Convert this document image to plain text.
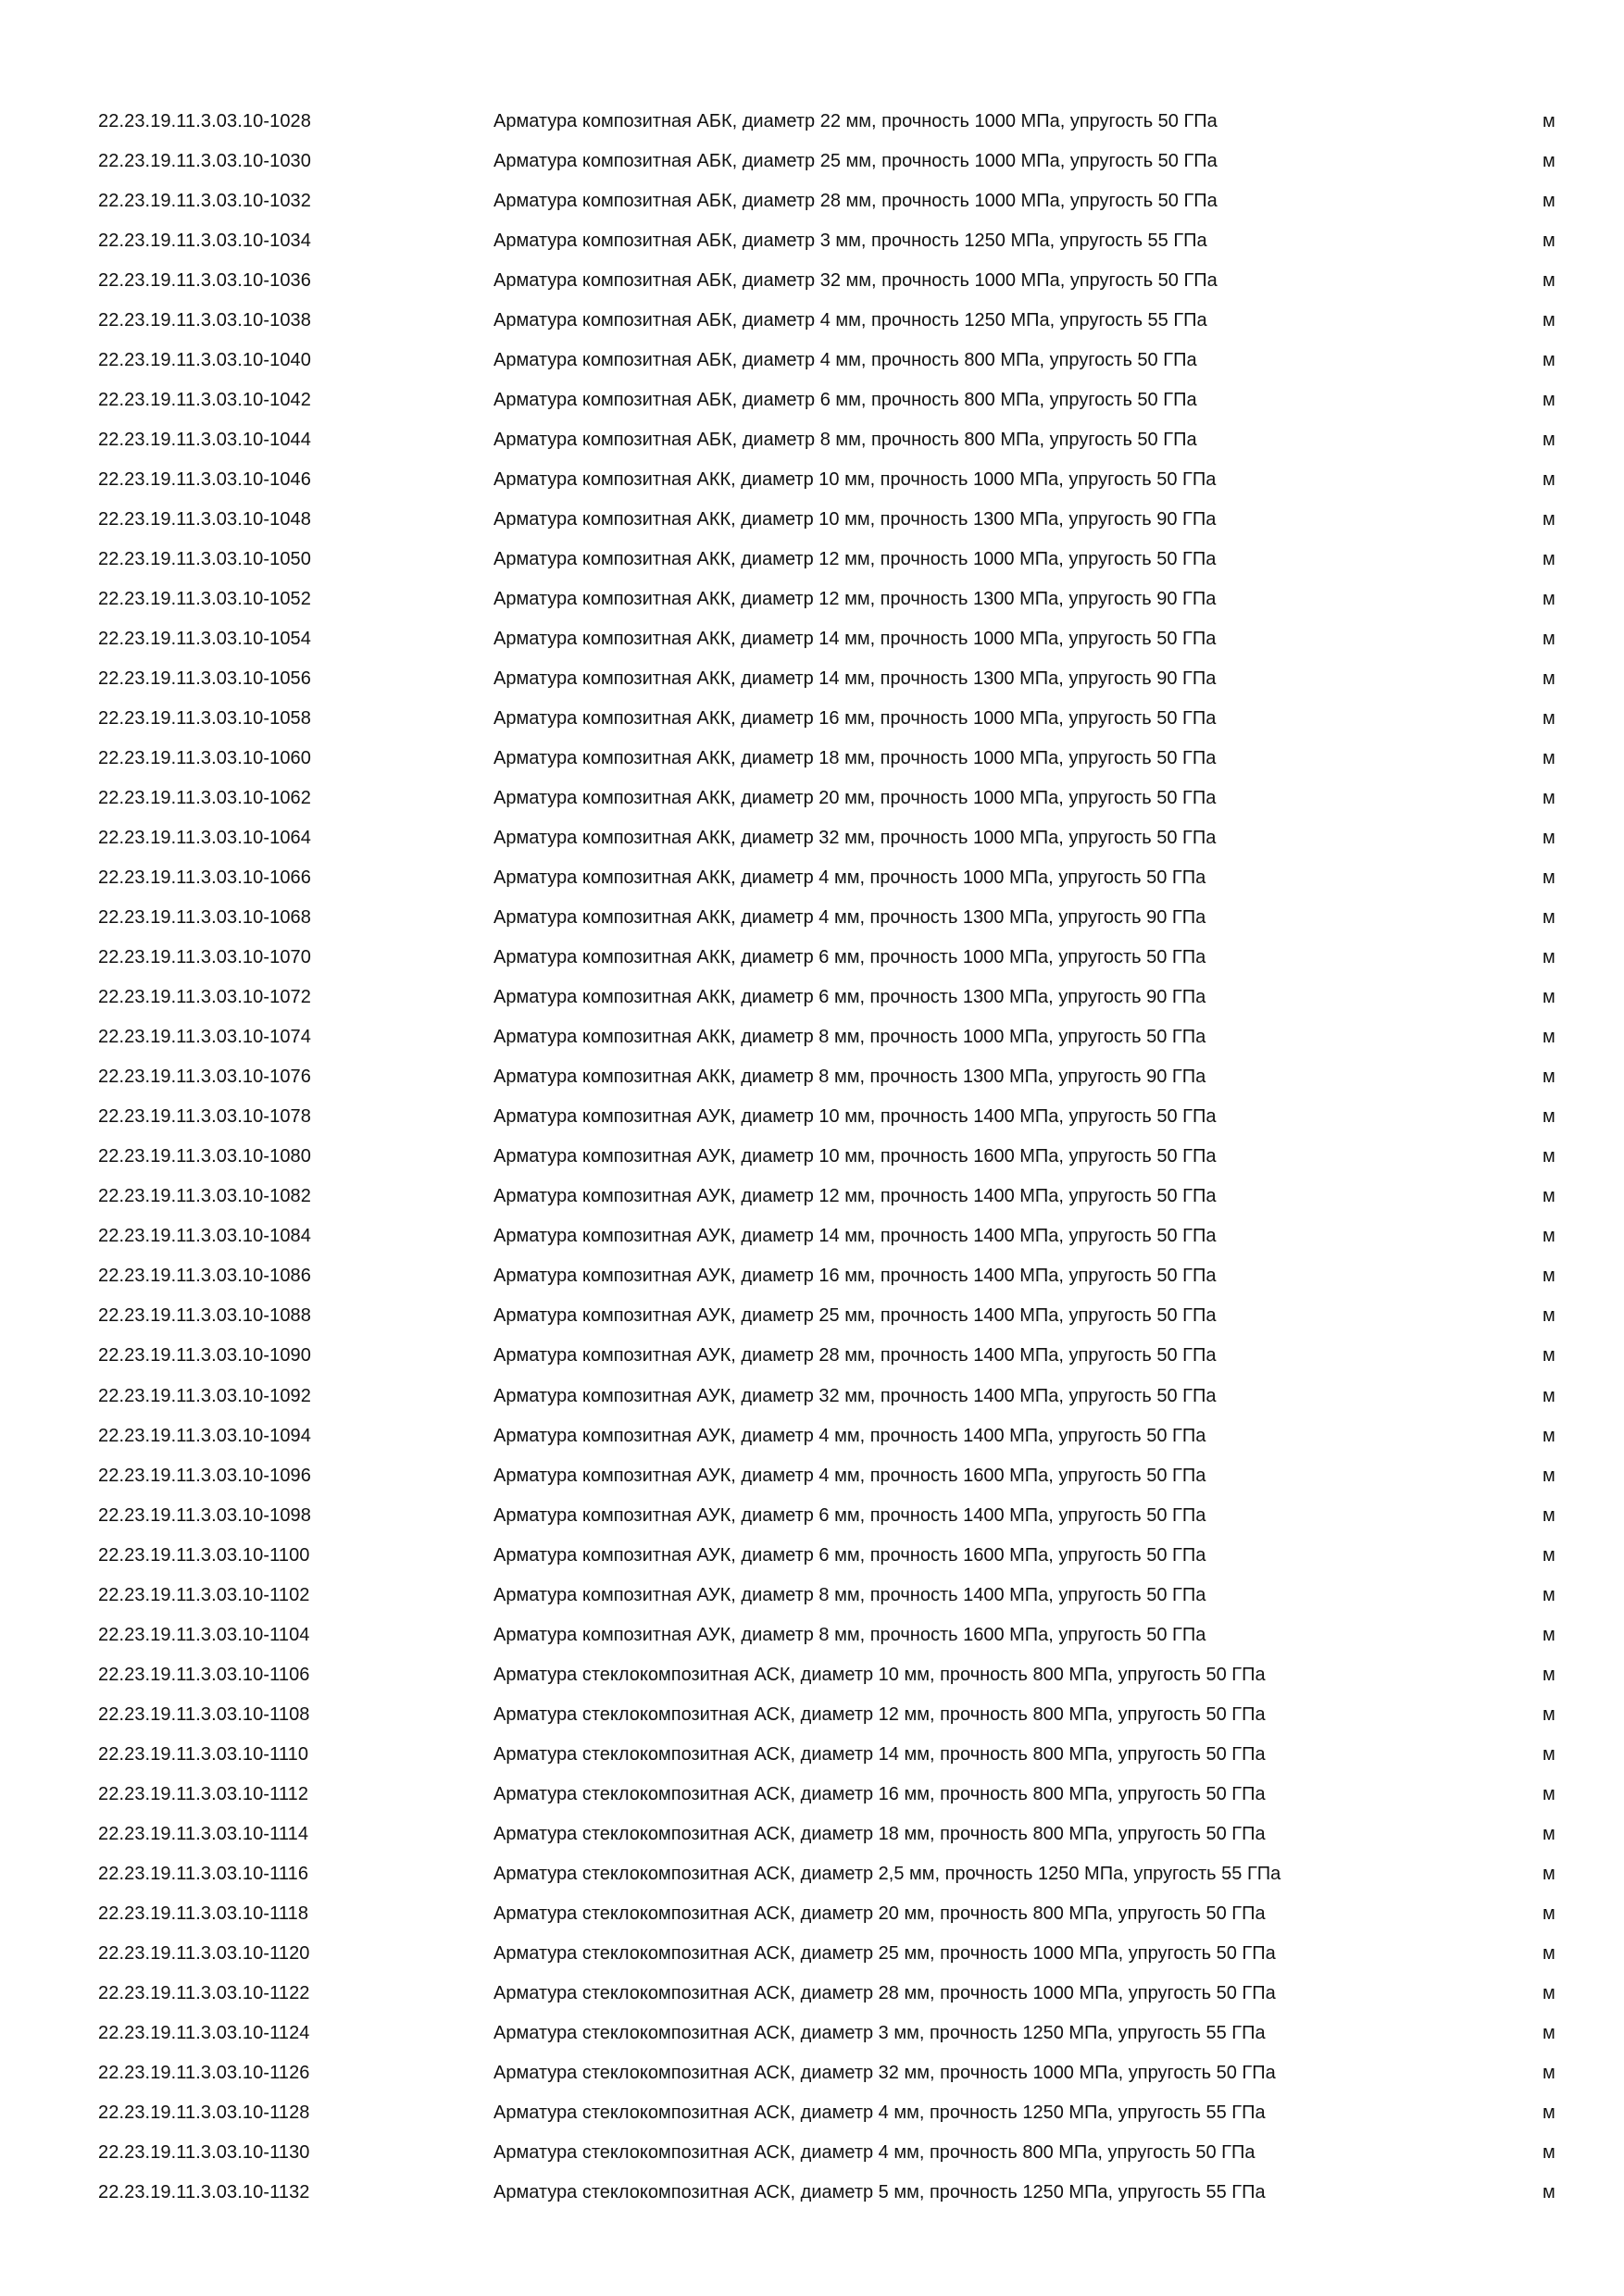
22.23.19.11.3.03.10-1028	Арматура композитная АБК, диаметр 22 мм, прочность 1000 МПа, упругость 50 ГПа	м
22.23.19.11.3.03.10-1030	Арматура композитная АБК, диаметр 25 мм, прочность 1000 МПа, упругость 50 ГПа	м
22.23.19.11.3.03.10-1032	Арматура композитная АБК, диаметр 28 мм, прочность 1000 МПа, упругость 50 ГПа	м
22.23.19.11.3.03.10-1034	Арматура композитная АБК, диаметр 3 мм, прочность 1250 МПа, упругость 55 ГПа	м
22.23.19.11.3.03.10-1036	Арматура композитная АБК, диаметр 32 мм, прочность 1000 МПа, упругость 50 ГПа	м
22.23.19.11.3.03.10-1038	Арматура композитная АБК, диаметр 4 мм, прочность 1250 МПа, упругость 55 ГПа	м
22.23.19.11.3.03.10-1040	Арматура композитная АБК, диаметр 4 мм, прочность 800 МПа, упругость 50 ГПа	м
22.23.19.11.3.03.10-1042	Арматура композитная АБК, диаметр 6 мм, прочность 800 МПа, упругость 50 ГПа	м
22.23.19.11.3.03.10-1044	Арматура композитная АБК, диаметр 8 мм, прочность 800 МПа, упругость 50 ГПа	м
22.23.19.11.3.03.10-1046	Арматура композитная АКК, диаметр 10 мм, прочность 1000 МПа, упругость 50 ГПа	м
22.23.19.11.3.03.10-1048	Арматура композитная АКК, диаметр 10 мм, прочность 1300 МПа, упругость 90 ГПа	м
22.23.19.11.3.03.10-1050	Арматура композитная АКК, диаметр 12 мм, прочность 1000 МПа, упругость 50 ГПа	м
22.23.19.11.3.03.10-1052	Арматура композитная АКК, диаметр 12 мм, прочность 1300 МПа, упругость 90 ГПа	м
22.23.19.11.3.03.10-1054	Арматура композитная АКК, диаметр 14 мм, прочность 1000 МПа, упругость 50 ГПа	м
22.23.19.11.3.03.10-1056	Арматура композитная АКК, диаметр 14 мм, прочность 1300 МПа, упругость 90 ГПа	м
22.23.19.11.3.03.10-1058	Арматура композитная АКК, диаметр 16 мм, прочность 1000 МПа, упругость 50 ГПа	м
22.23.19.11.3.03.10-1060	Арматура композитная АКК, диаметр 18 мм, прочность 1000 МПа, упругость 50 ГПа	м
22.23.19.11.3.03.10-1062	Арматура композитная АКК, диаметр 20 мм, прочность 1000 МПа, упругость 50 ГПа	м
22.23.19.11.3.03.10-1064	Арматура композитная АКК, диаметр 32 мм, прочность 1000 МПа, упругость 50 ГПа	м
22.23.19.11.3.03.10-1066	Арматура композитная АКК, диаметр 4 мм, прочность 1000 МПа, упругость 50 ГПа	м
22.23.19.11.3.03.10-1068	Арматура композитная АКК, диаметр 4 мм, прочность 1300 МПа, упругость 90 ГПа	м
22.23.19.11.3.03.10-1070	Арматура композитная АКК, диаметр 6 мм, прочность 1000 МПа, упругость 50 ГПа	м
22.23.19.11.3.03.10-1072	Арматура композитная АКК, диаметр 6 мм, прочность 1300 МПа, упругость 90 ГПа	м
22.23.19.11.3.03.10-1074	Арматура композитная АКК, диаметр 8 мм, прочность 1000 МПа, упругость 50 ГПа	м
22.23.19.11.3.03.10-1076	Арматура композитная АКК, диаметр 8 мм, прочность 1300 МПа, упругость 90 ГПа	м
22.23.19.11.3.03.10-1078	Арматура композитная АУК, диаметр 10 мм, прочность 1400 МПа, упругость 50 ГПа	м
22.23.19.11.3.03.10-1080	Арматура композитная АУК, диаметр 10 мм, прочность 1600 МПа, упругость 50 ГПа	м
22.23.19.11.3.03.10-1082	Арматура композитная АУК, диаметр 12 мм, прочность 1400 МПа, упругость 50 ГПа	м
22.23.19.11.3.03.10-1084	Арматура композитная АУК, диаметр 14 мм, прочность 1400 МПа, упругость 50 ГПа	м
22.23.19.11.3.03.10-1086	Арматура композитная АУК, диаметр 16 мм, прочность 1400 МПа, упругость 50 ГПа	м
22.23.19.11.3.03.10-1088	Арматура композитная АУК, диаметр 25 мм, прочность 1400 МПа, упругость 50 ГПа	м
22.23.19.11.3.03.10-1090	Арматура композитная АУК, диаметр 28 мм, прочность 1400 МПа, упругость 50 ГПа	м
22.23.19.11.3.03.10-1092	Арматура композитная АУК, диаметр 32 мм, прочность 1400 МПа, упругость 50 ГПа	м
22.23.19.11.3.03.10-1094	Арматура композитная АУК, диаметр 4 мм, прочность 1400 МПа, упругость 50 ГПа	м
22.23.19.11.3.03.10-1096	Арматура композитная АУК, диаметр 4 мм, прочность 1600 МПа, упругость 50 ГПа	м
22.23.19.11.3.03.10-1098	Арматура композитная АУК, диаметр 6 мм, прочность 1400 МПа, упругость 50 ГПа	м
22.23.19.11.3.03.10-1100	Арматура композитная АУК, диаметр 6 мм, прочность 1600 МПа, упругость 50 ГПа	м
22.23.19.11.3.03.10-1102	Арматура композитная АУК, диаметр 8 мм, прочность 1400 МПа, упругость 50 ГПа	м
22.23.19.11.3.03.10-1104	Арматура композитная АУК, диаметр 8 мм, прочность 1600 МПа, упругость 50 ГПа	м
22.23.19.11.3.03.10-1106	Арматура стеклокомпозитная АСК, диаметр 10 мм, прочность 800 МПа, упругость 50 ГПа	м
22.23.19.11.3.03.10-1108	Арматура стеклокомпозитная АСК, диаметр 12 мм, прочность 800 МПа, упругость 50 ГПа	м
22.23.19.11.3.03.10-1110	Арматура стеклокомпозитная АСК, диаметр 14 мм, прочность 800 МПа, упругость 50 ГПа	м
22.23.19.11.3.03.10-1112	Арматура стеклокомпозитная АСК, диаметр 16 мм, прочность 800 МПа, упругость 50 ГПа	м
22.23.19.11.3.03.10-1114	Арматура стеклокомпозитная АСК, диаметр 18 мм, прочность 800 МПа, упругость 50 ГПа	м
22.23.19.11.3.03.10-1116	Арматура стеклокомпозитная АСК, диаметр 2,5 мм, прочность 1250 МПа, упругость 55 ГПа	м
22.23.19.11.3.03.10-1118	Арматура стеклокомпозитная АСК, диаметр 20 мм, прочность 800 МПа, упругость 50 ГПа	м
22.23.19.11.3.03.10-1120	Арматура стеклокомпозитная АСК, диаметр 25 мм, прочность 1000 МПа, упругость 50 ГПа	м
22.23.19.11.3.03.10-1122	Арматура стеклокомпозитная АСК, диаметр 28 мм, прочность 1000 МПа, упругость 50 ГПа	м
22.23.19.11.3.03.10-1124	Арматура стеклокомпозитная АСК, диаметр 3 мм, прочность 1250 МПа, упругость 55 ГПа	м
22.23.19.11.3.03.10-1126	Арматура стеклокомпозитная АСК, диаметр 32 мм, прочность 1000 МПа, упругость 50 ГПа	м
22.23.19.11.3.03.10-1128	Арматура стеклокомпозитная АСК, диаметр 4 мм, прочность 1250 МПа, упругость 55 ГПа	м
22.23.19.11.3.03.10-1130	Арматура стеклокомпозитная АСК, диаметр 4 мм, прочность 800 МПа, упругость 50 ГПа	м
22.23.19.11.3.03.10-1132	Арматура стеклокомпозитная АСК, диаметр 5 мм, прочность 1250 МПа, упругость 55 ГПа	м
